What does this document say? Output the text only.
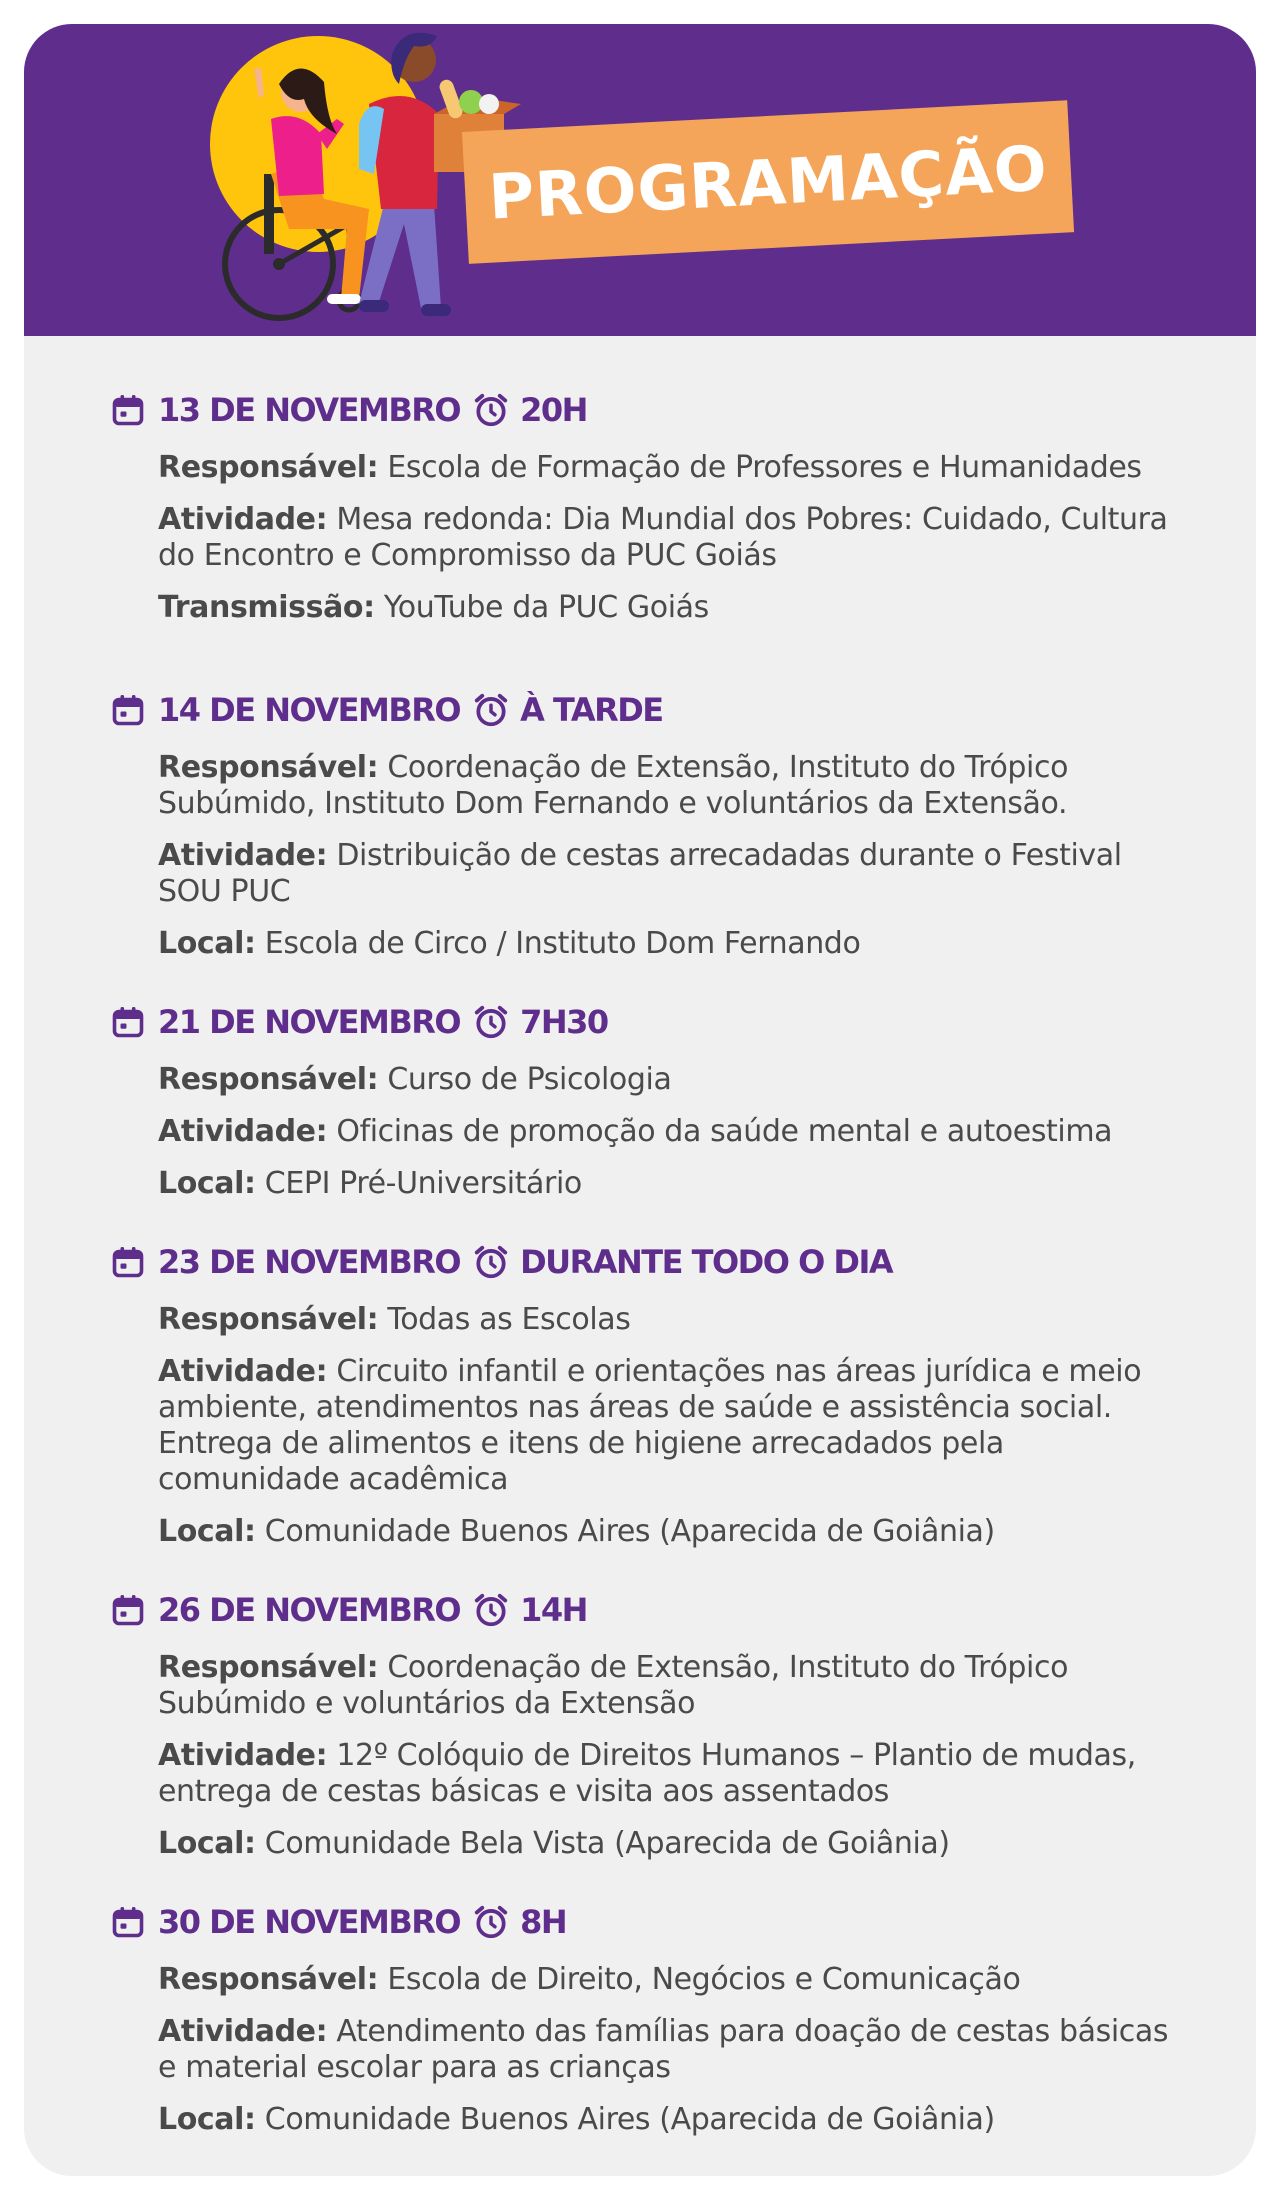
PROGRAMAÇÃO
13 DE NOVEMBRO 20H
Responsável: Escola de Formação de Professores e Humanidades
Atividade: Mesa redonda: Dia Mundial dos Pobres: Cuidado, Cultura do Encontro e Compromisso da PUC Goiás
Transmissão: YouTube da PUC Goiás
14 DE NOVEMBRO À TARDE
Responsável: Coordenação de Extensão, Instituto do Trópico Subúmido, Instituto Dom Fernando e voluntários da Extensão.
Atividade: Distribuição de cestas arrecadadas durante o Festival SOU PUC
Local: Escola de Circo / Instituto Dom Fernando
21 DE NOVEMBRO 7H30
Responsável: Curso de Psicologia
Atividade: Oficinas de promoção da saúde mental e autoestima
Local: CEPI Pré-Universitário
23 DE NOVEMBRO DURANTE TODO O DIA
Responsável: Todas as Escolas
Atividade: Circuito infantil e orientações nas áreas jurídica e meio ambiente, atendimentos nas áreas de saúde e assistência social. Entrega de alimentos e itens de higiene arrecadados pela comunidade acadêmica
Local: Comunidade Buenos Aires (Aparecida de Goiânia)
26 DE NOVEMBRO 14H
Responsável: Coordenação de Extensão, Instituto do Trópico Subúmido e voluntários da Extensão
Atividade: 12º Colóquio de Direitos Humanos – Plantio de mudas, entrega de cestas básicas e visita aos assentados
Local: Comunidade Bela Vista (Aparecida de Goiânia)
30 DE NOVEMBRO 8H
Responsável: Escola de Direito, Negócios e Comunicação
Atividade: Atendimento das famílias para doação de cestas básicas e material escolar para as crianças
Local: Comunidade Buenos Aires (Aparecida de Goiânia)
